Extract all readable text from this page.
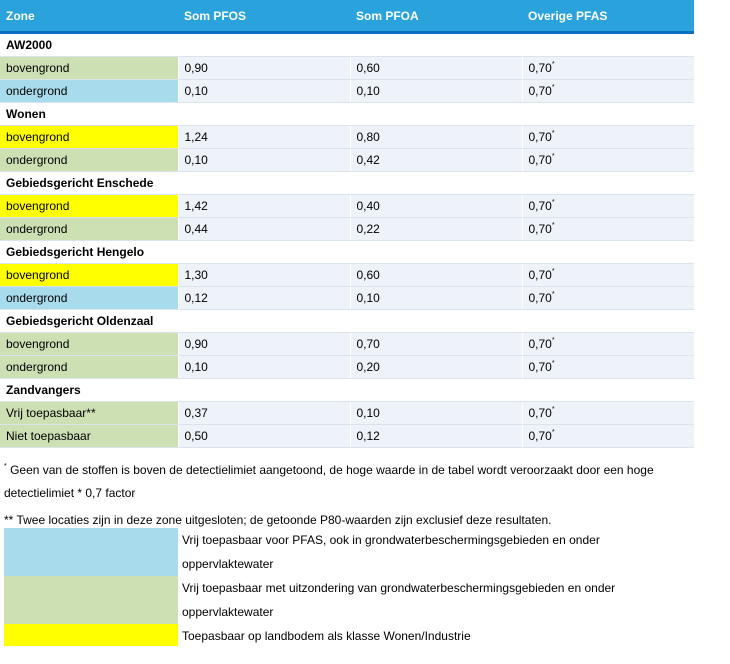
Zone	Som PFOS	Som PFOA	Overige PFAS
AW2000			
bovengrond	0,90	0,60	0,70*
ondergrond	0,10	0,10	0,70*
Wonen			
bovengrond	1,24	0,80	0,70*
ondergrond	0,10	0,42	0,70*
Gebiedsgericht Enschede			
bovengrond	1,42	0,40	0,70*
ondergrond	0,44	0,22	0,70*
Gebiedsgericht Hengelo			
bovengrond	1,30	0,60	0,70*
ondergrond	0,12	0,10	0,70*
Gebiedsgericht Oldenzaal			
bovengrond	0,90	0,70	0,70*
ondergrond	0,10	0,20	0,70*
Zandvangers			
Vrij toepasbaar**	0,37	0,10	0,70*
Niet toepasbaar	0,50	0,12	0,70*
* Geen van de stoffen is boven de detectielimiet aangetoond, de hoge waarde in de tabel wordt veroorzaakt door een hoge detectielimiet * 0,7 factor
** Twee locaties zijn in deze zone uitgesloten; de getoonde P80-waarden zijn exclusief deze resultaten.
Vrij toepasbaar voor PFAS, ook in grondwaterbeschermingsgebieden en onder oppervlaktewater
Vrij toepasbaar met uitzondering van grondwaterbeschermingsgebieden en onder oppervlaktewater
Toepasbaar op landbodem als klasse Wonen/Industrie
